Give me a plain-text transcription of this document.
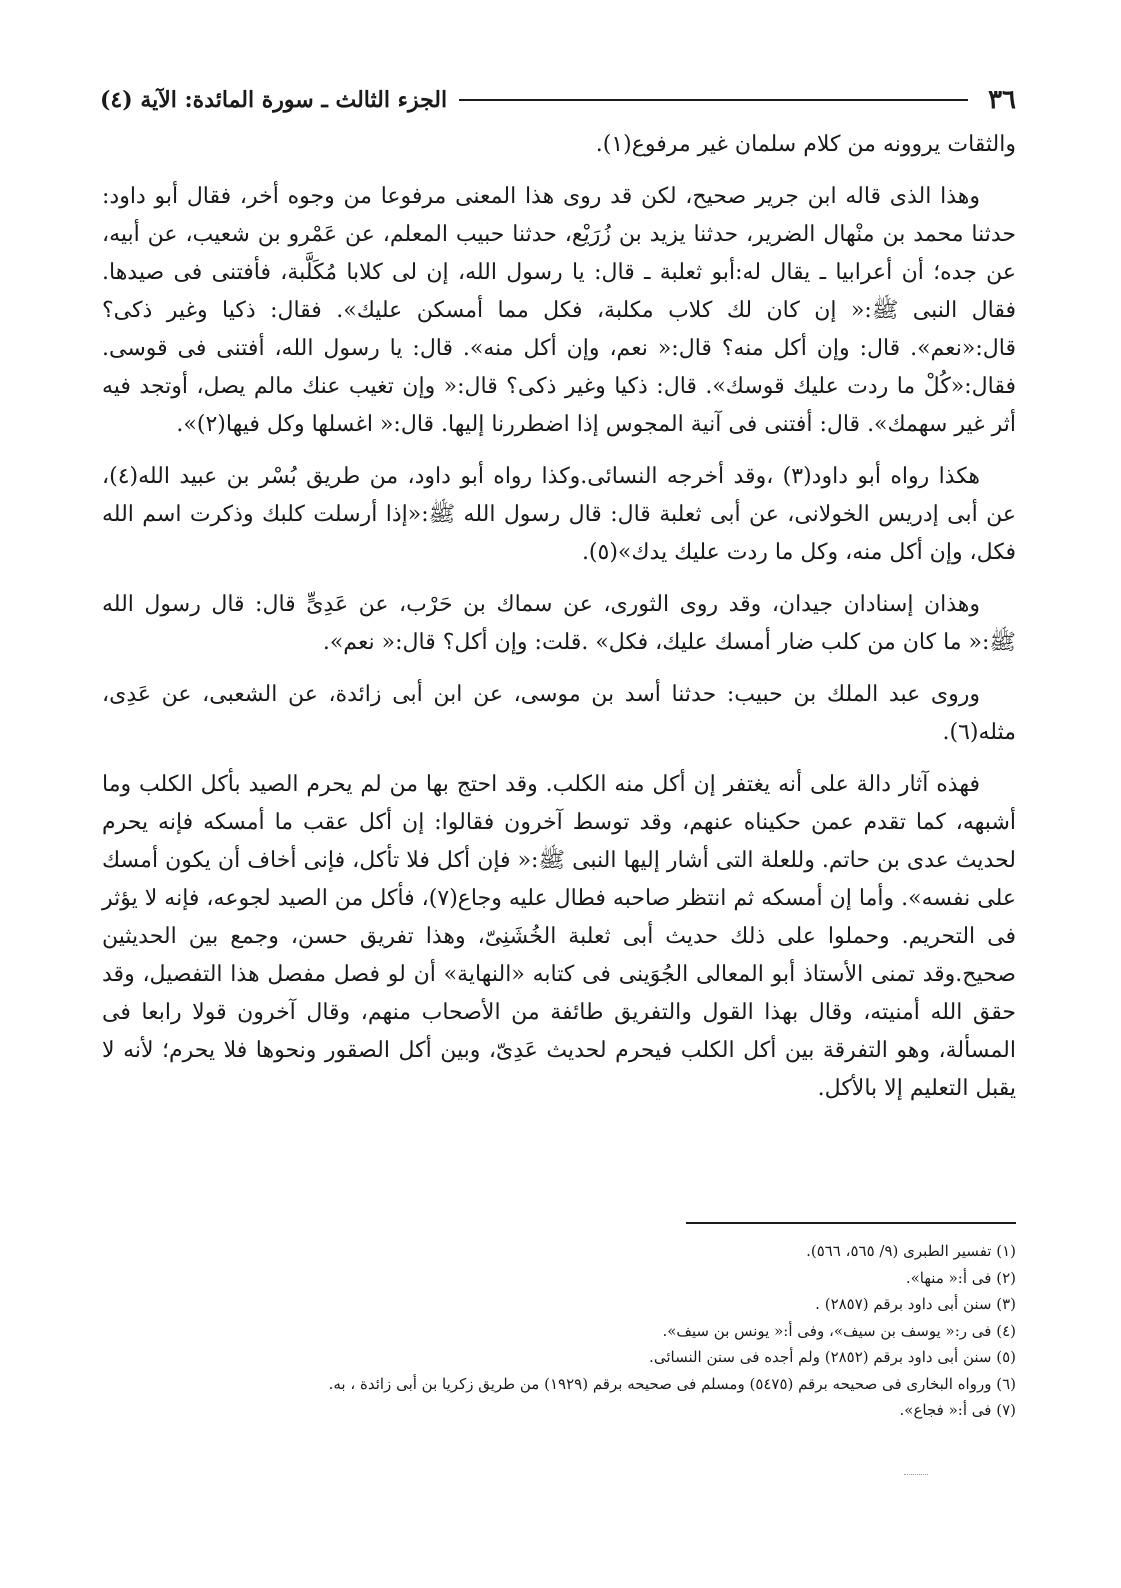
٣٦
الجزء الثالث ـ سورة المائدة: الآية (٤)

والثقات يروونه من كلام سلمان غير مرفوع(١).

وهذا الذى قاله ابن جرير صحيح، لكن قد روى هذا المعنى مرفوعا من وجوه أخر، فقال أبو داود: حدثنا محمد بن منْهال الضرير، حدثنا يزيد بن زُرَيْع، حدثنا حبيب المعلم، عن عَمْرو بن شعيب، عن أبيه، عن جده؛ أن أعرابيا ـ يقال له:أبو ثعلبة ـ قال: يا رسول الله، إن لى كلابا مُكَلَّبة، فأفتنى فى صيدها. فقال النبى ﷺ:« إن كان لك كلاب مكلبة، فكل مما أمسكن عليك». فقال: ذكيا وغير ذكى؟ قال:«نعم». قال: وإن أكل منه؟ قال:« نعم، وإن أكل منه». قال: يا رسول الله، أفتنى فى قوسى. فقال:«كُلْ ما ردت عليك قوسك». قال: ذكيا وغير ذكى؟ قال:« وإن تغيب عنك مالم يصل، أوتجد فيه أثر غير سهمك». قال: أفتنى فى آنية المجوس إذا اضطررنا إليها. قال:« اغسلها وكل فيها(٢)».

هكذا رواه أبو داود(٣) ،وقد أخرجه النسائى.وكذا رواه أبو داود، من طريق بُسْر بن عبيد الله(٤)، عن أبى إدريس الخولانى، عن أبى ثعلبة قال: قال رسول الله ﷺ:«إذا أرسلت كلبك وذكرت اسم الله فكل، وإن أكل منه، وكل ما ردت عليك يدك»(٥).

وهذان إسنادان جيدان، وقد روى الثورى، عن سماك بن حَرْب، عن عَدِىٍّ قال: قال رسول الله ﷺ:« ما كان من كلب ضار أمسك عليك، فكل» .قلت: وإن أكل؟ قال:« نعم».

وروى عبد الملك بن حبيب: حدثنا أسد بن موسى، عن ابن أبى زائدة، عن الشعبى، عن عَدِى، مثله(٦).

فهذه آثار دالة على أنه يغتفر إن أكل منه الكلب. وقد احتج بها من لم يحرم الصيد بأكل الكلب وما أشبهه، كما تقدم عمن حكيناه عنهم، وقد توسط آخرون فقالوا: إن أكل عقب ما أمسكه فإنه يحرم لحديث عدى بن حاتم. وللعلة التى أشار إليها النبى ﷺ:« فإن أكل فلا تأكل، فإنى أخاف أن يكون أمسك على نفسه». وأما إن أمسكه ثم انتظر صاحبه فطال عليه وجاع(٧)، فأكل من الصيد لجوعه، فإنه لا يؤثر فى التحريم. وحملوا على ذلك حديث أبى ثعلبة الخُشَنِىّ، وهذا تفريق حسن، وجمع بين الحديثين صحيح.وقد تمنى الأستاذ أبو المعالى الجُوَينى فى كتابه «النهاية» أن لو فصل مفصل هذا التفصيل، وقد حقق الله أمنيته، وقال بهذا القول والتفريق طائفة من الأصحاب منهم، وقال آخرون قولا رابعا فى المسألة، وهو التفرقة بين أكل الكلب فيحرم لحديث عَدِىّ، وبين أكل الصقور ونحوها فلا يحرم؛ لأنه لا يقبل التعليم إلا بالأكل.

(١) تفسير الطبرى (٩/ ٥٦٥، ٥٦٦).

(٢) فى أ:« منها».

(٣) سنن أبى داود برقم (٢٨٥٧) .

(٤) فى ر:« يوسف بن سيف»، وفى أ:« يونس بن سيف».

(٥) سنن أبى داود برقم (٢٨٥٢) ولم أجده فى سنن النسائى.

(٦) ورواه البخارى فى صحيحه برقم (٥٤٧٥) ومسلم فى صحيحه برقم (١٩٢٩) من طريق زكريا بن أبى زائدة ، به.

(٧) فى أ:« فجاع».
